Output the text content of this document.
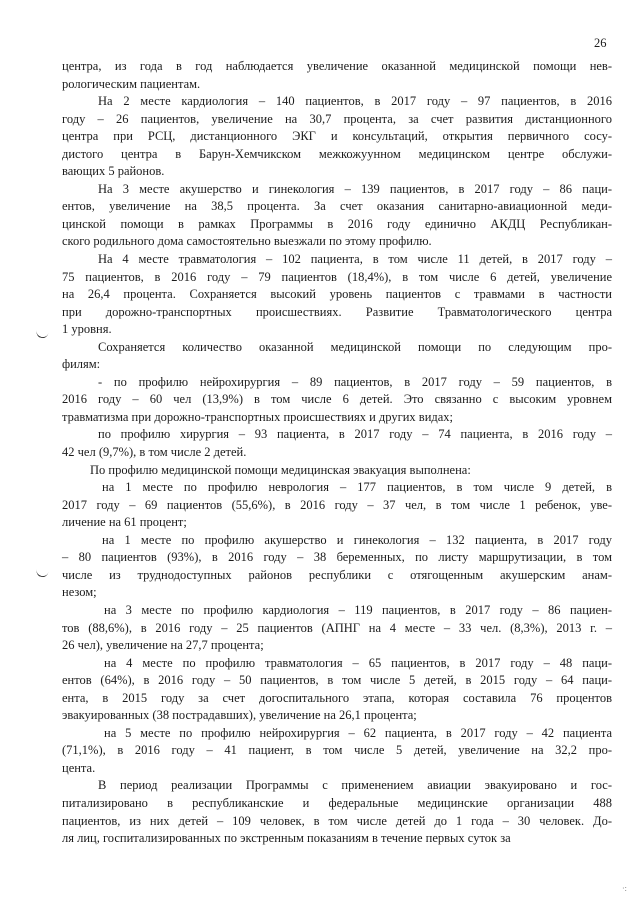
26

центра, из года в год наблюдается увеличение оказанной медицинской помощи нев-
рологическим пациентам.

На 2 месте кардиология – 140 пациентов, в 2017 году – 97 пациентов, в 2016
году – 26 пациентов, увеличение на 30,7 процента, за счет развития дистанционного
центра при РСЦ, дистанционного ЭКГ и консультаций, открытия первичного сосу-
дистого центра в Барун-Хемчикском межкожуунном медицинском центре обслужи-
вающих 5 районов.

На 3 месте акушерство и гинекология – 139 пациентов, в 2017 году – 86 паци-
ентов, увеличение на 38,5 процента. За счет оказания санитарно-авиационной меди-
цинской помощи в рамках Программы в 2016 году единично АКДЦ Республикан-
ского родильного дома самостоятельно выезжали по этому профилю.

На 4 месте травматология – 102 пациента, в том числе 11 детей, в 2017 году –
75 пациентов, в 2016 году – 79 пациентов (18,4%), в том числе 6 детей, увеличение
на 26,4 процента. Сохраняется высокий уровень пациентов с травмами в частности
при дорожно-транспортных происшествиях. Развитие Травматологического центра
1 уровня.

Сохраняется количество оказанной медицинской помощи по следующим про-
филям:

- по профилю нейрохирургия – 89 пациентов, в 2017 году – 59 пациентов, в
2016 году – 60 чел (13,9%) в том числе 6 детей. Это связанно с высоким уровнем
травматизма при дорожно-транспортных происшествиях и других видах;

по профилю хирургия – 93 пациента, в 2017 году – 74 пациента, в 2016 году –
42 чел (9,7%), в том числе 2 детей.

По профилю медицинской помощи медицинская эвакуация выполнена:

на 1 месте по профилю неврология – 177 пациентов, в том числе 9 детей, в
2017 году – 69 пациентов (55,6%), в 2016 году – 37 чел, в том числе 1 ребенок, уве-
личение на 61 процент;

на 1 месте по профилю акушерство и гинекология – 132 пациента, в 2017 году
– 80 пациентов (93%), в 2016 году – 38 беременных, по листу маршрутизации, в том
числе из труднодоступных районов республики с отягощенным акушерским анам-
незом;

на 3 месте по профилю кардиология – 119 пациентов, в 2017 году – 86 пациен-
тов (88,6%), в 2016 году – 25 пациентов (АПНГ на 4 месте – 33 чел. (8,3%), 2013 г. –
26 чел), увеличение на 27,7 процента;

на 4 месте по профилю травматология – 65 пациентов, в 2017 году – 48 паци-
ентов (64%), в 2016 году – 50 пациентов, в том числе 5 детей, в 2015 году – 64 паци-
ента, в 2015 году за счет догоспитального этапа, которая составила 76 процентов
эвакуированных (38 пострадавших), увеличение на 26,1 процента;

на 5 месте по профилю нейрохирургия – 62 пациента, в 2017 году – 42 пациента
(71,1%), в 2016 году – 41 пациент, в том числе 5 детей, увеличение на 32,2 про-
цента.

В период реализации Программы с применением авиации эвакуировано и гос-
питализировано в республиканские и федеральные медицинские организации 488
пациентов, из них детей – 109 человек, в том числе детей до 1 года – 30 человек. До-
ля лиц, госпитализированных по экстренным показаниям в течение первых суток за

·:
